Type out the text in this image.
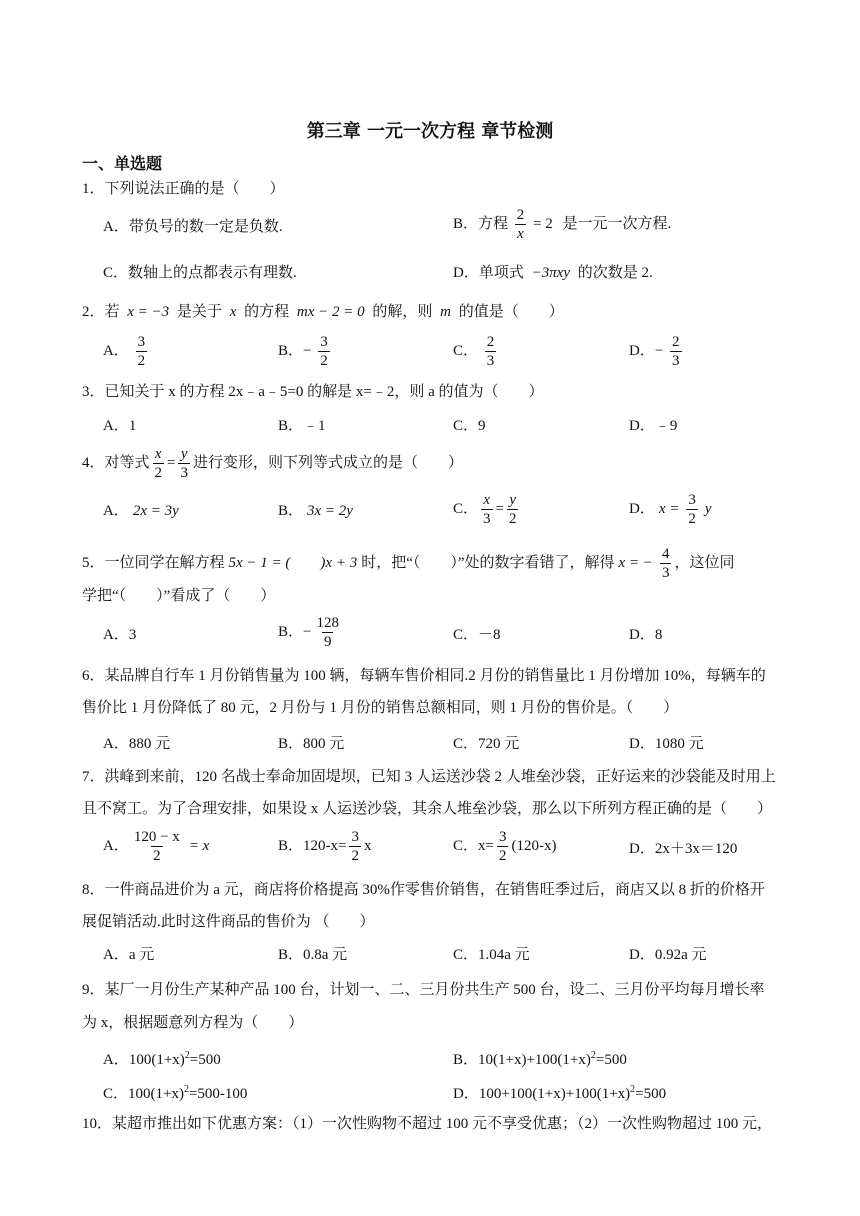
第三章 一元一次方程 章节检测
一、单选题
1．下列说法正确的是（　　）
A．带负号的数一定是负数.	B．方程 $\frac{2}{x} = 2$ 是一元一次方程.
C．数轴上的点都表示有理数.	D．单项式 −3πxy 的次数是 2.
2．若 x = −3 是关于 x 的方程 mx − 2 = 0 的解，则 m 的值是（　　）
A． $\frac{3}{2}$	B．− $\frac{3}{2}$	C． $\frac{2}{3}$	D．− $\frac{2}{3}$
3．已知关于 x 的方程 2x﹣a﹣5=0 的解是 x=﹣2，则 a 的值为（　　）
A．1	B．﹣1	C．9	D．﹣9
4．对等式 $\frac{x}{2} = \frac{y}{3}$ 进行变形，则下列等式成立的是（　　）
A． 2x = 3y	B． 3x = 2y	C． $\frac{x}{3} = \frac{y}{2}$	D． $x = \frac{3}{2}$ y
5．一位同学在解方程 5x − 1 = (　　)x + 3 时，把“（　　）”处的数字看错了，解得 x = − $\frac{4}{3}$ ，这位同
学把“（　　）”看成了（　　）
A．3	B．− $\frac{128}{9}$	C．－8	D．8
6．某品牌自行车 1 月份销售量为 100 辆，每辆车售价相同.2 月份的销售量比 1 月份增加 10%，每辆车的
售价比 1 月份降低了 80 元，2 月份与 1 月份的销售总额相同，则 1 月份的售价是。（　　）
A．880 元	B．800 元	C．720 元	D．1080 元
7．洪峰到来前，120 名战士奉命加固堤坝，已知 3 人运送沙袋 2 人堆垒沙袋，正好运来的沙袋能及时用上
且不窝工。为了合理安排，如果设 x 人运送沙袋，其余人堆垒沙袋，那么以下所列方程正确的是（　　）
A． $\frac{120 - x}{2} = x$	B．$120-x= \frac{3}{2}$ x	C．$x= \frac{3}{2} (120-x)$	D．2x＋3x＝120
8．一件商品进价为 a 元，商店将价格提高 30%作零售价销售，在销售旺季过后，商店又以 8 折的价格开
展促销活动.此时这件商品的售价为 （　　）
A．a 元	B．0.8a 元	C．1.04a 元	D．0.92a 元
9．某厂一月份生产某种产品 100 台，计划一、二、三月份共生产 500 台，设二、三月份平均每月增长率
为 x，根据题意列方程为（　　）
A．$100(1+x)^2=500$	B．$10(1+x)+100(1+x)^2=500$
C．$100(1+x)^2=500-100$	D．$100+100(1+x)+100(1+x)^2=500$
10．某超市推出如下优惠方案：（1）一次性购物不超过 100 元不享受优惠；（2）一次性购物超过 100 元，
